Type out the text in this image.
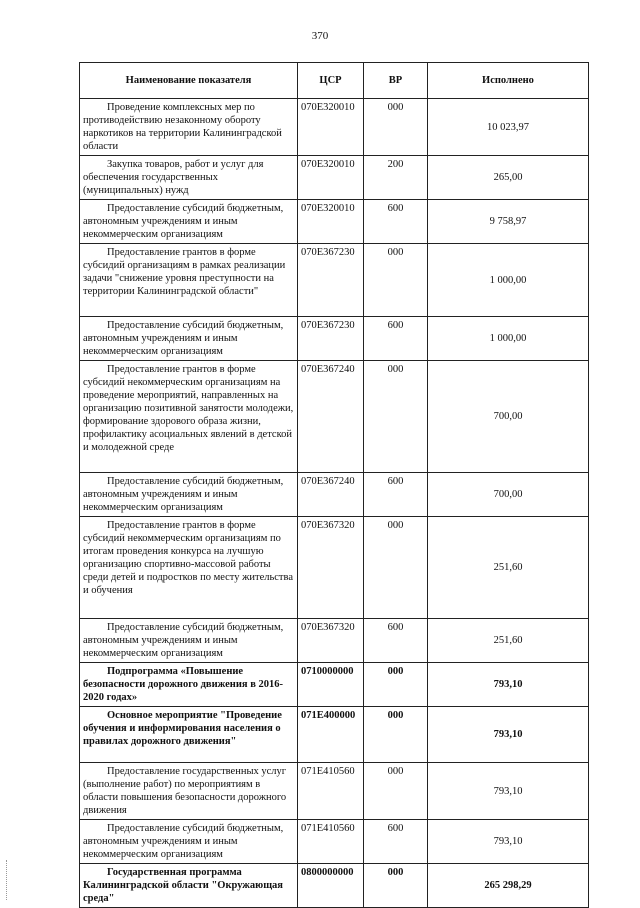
370
Наименование показателя	ЦСР	ВР	Исполнено
Проведение комплексных мер по противодействию незаконному обороту наркотиков на территории Калининградской области	070Е320010	000	10 023,97
Закупка товаров, работ и услуг для обеспечения государственных (муниципальных) нужд	070Е320010	200	265,00
Предоставление субсидий бюджетным, автономным учреждениям и иным некоммерческим организациям	070Е320010	600	9 758,97
Предоставление грантов в форме субсидий организациям в рамках реализации задачи "снижение уровня преступности на территории Калининградской области"	070Е367230	000	1 000,00
Предоставление субсидий бюджетным, автономным учреждениям и иным некоммерческим организациям	070Е367230	600	1 000,00
Предоставление грантов в форме субсидий некоммерческим организациям на проведение мероприятий, направленных на организацию позитивной занятости молодежи, формирование здорового образа жизни, профилактику асоциальных явлений в детской и молодежной среде	070Е367240	000	700,00
Предоставление субсидий бюджетным, автономным учреждениям и иным некоммерческим организациям	070Е367240	600	700,00
Предоставление грантов в форме субсидий некоммерческим организациям по итогам проведения конкурса на лучшую организацию спортивно-массовой работы среди детей и подростков по месту жительства и обучения	070Е367320	000	251,60
Предоставление субсидий бюджетным, автономным учреждениям и иным некоммерческим организациям	070Е367320	600	251,60
Подпрограмма «Повышение безопасности дорожного движения в 2016-2020 годах»	0710000000	000	793,10
Основное мероприятие "Проведение обучения и информирования населения о правилах дорожного движения"	071Е400000	000	793,10
Предоставление государственных услуг (выполнение работ) по мероприятиям в области повышения безопасности дорожного движения	071Е410560	000	793,10
Предоставление субсидий бюджетным, автономным учреждениям и иным некоммерческим организациям	071Е410560	600	793,10
Государственная программа Калининградской области "Окружающая среда"	0800000000	000	265 298,29
